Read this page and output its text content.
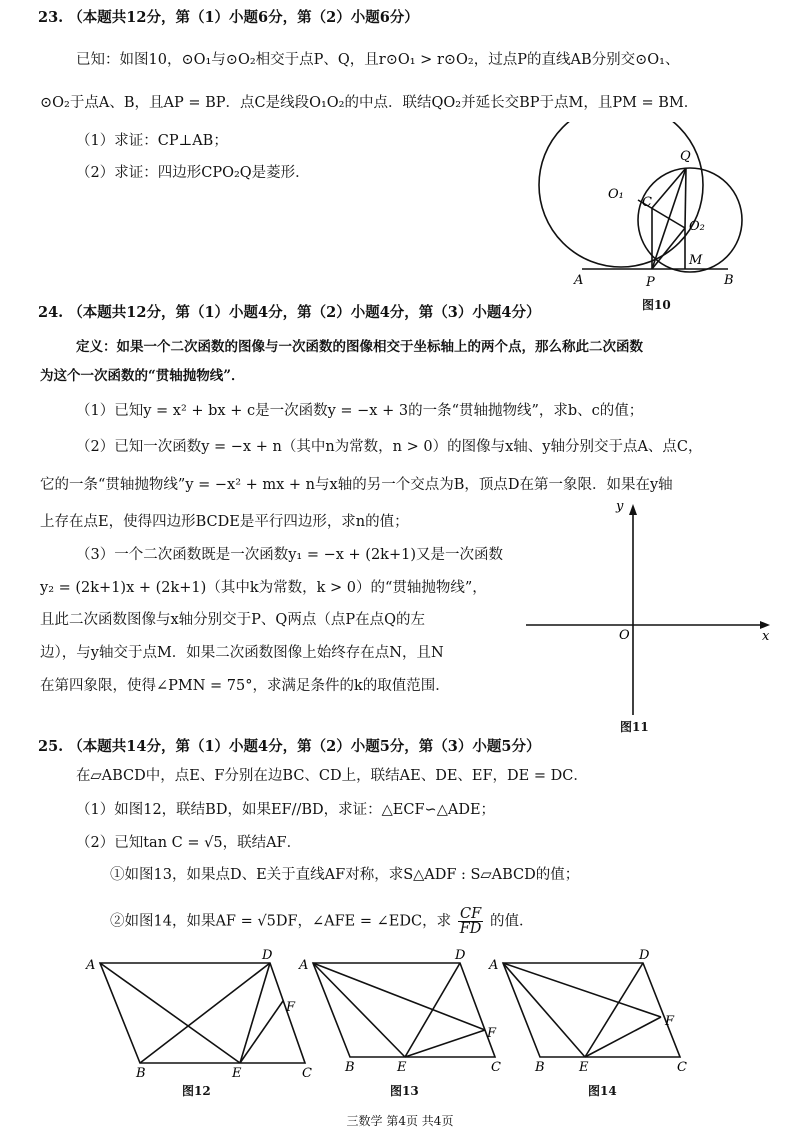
23. （本题共12分，第（1）小题6分，第（2）小题6分）
已知：如图10，⊙O₁与⊙O₂相交于点P、Q，且r⊙O₁ > r⊙O₂，过点P的直线AB分别交⊙O₁、
⊙O₂于点A、B，且AP = BP．点C是线段O₁O₂的中点．联结QO₂并延长交BP于点M，且PM = BM．
（1）求证：CP⊥AB；
（2）求证：四边形CPO₂Q是菱形．
Q
O₁
C
O₂
M
A	P	B
图10
24. （本题共12分，第（1）小题4分，第（2）小题4分，第（3）小题4分）
定义：如果一个二次函数的图像与一次函数的图像相交于坐标轴上的两个点，那么称此二次函数
为这个一次函数的“贯轴抛物线”．
（1）已知y = x² + bx + c是一次函数y = −x + 3的一条“贯轴抛物线”，求b、c的值；
（2）已知一次函数y = −x + n（其中n为常数，n > 0）的图像与x轴、y轴分别交于点A、点C，
它的一条“贯轴抛物线”y = −x² + mx + n与x轴的另一个交点为B，顶点D在第一象限．如果在y轴
上存在点E，使得四边形BCDE是平行四边形，求n的值；
（3）一个二次函数既是一次函数y₁ = −x + (2k+1)又是一次函数
y₂ = (2k+1)x + (2k+1)（其中k为常数，k > 0）的“贯轴抛物线”，
且此二次函数图像与x轴分别交于P、Q两点（点P在点Q的左
边），与y轴交于点M．如果二次函数图像上始终存在点N，且N
在第四象限，使得∠PMN = 75°，求满足条件的k的取值范围．
y
x
O
图11
25. （本题共14分，第（1）小题4分，第（2）小题5分，第（3）小题5分）
在▱ABCD中，点E、F分别在边BC、CD上，联结AE、DE、EF，DE = DC．
（1）如图12，联结BD，如果EF//BD，求证：△ECF∽△ADE；
（2）已知tan C = √5，联结AF．
①如图13，如果点D、E关于直线AF对称，求S△ADF : S▱ABCD的值；
②如图14，如果AF = √5DF，∠AFE = ∠EDC，求 $\frac{CF}{FD}$ 的值．
A
D
F
B	E	C
图12
A
D
F
B	E	C
图13
A
D
F
B	E	C
图14
三数学 第4页 共4页
